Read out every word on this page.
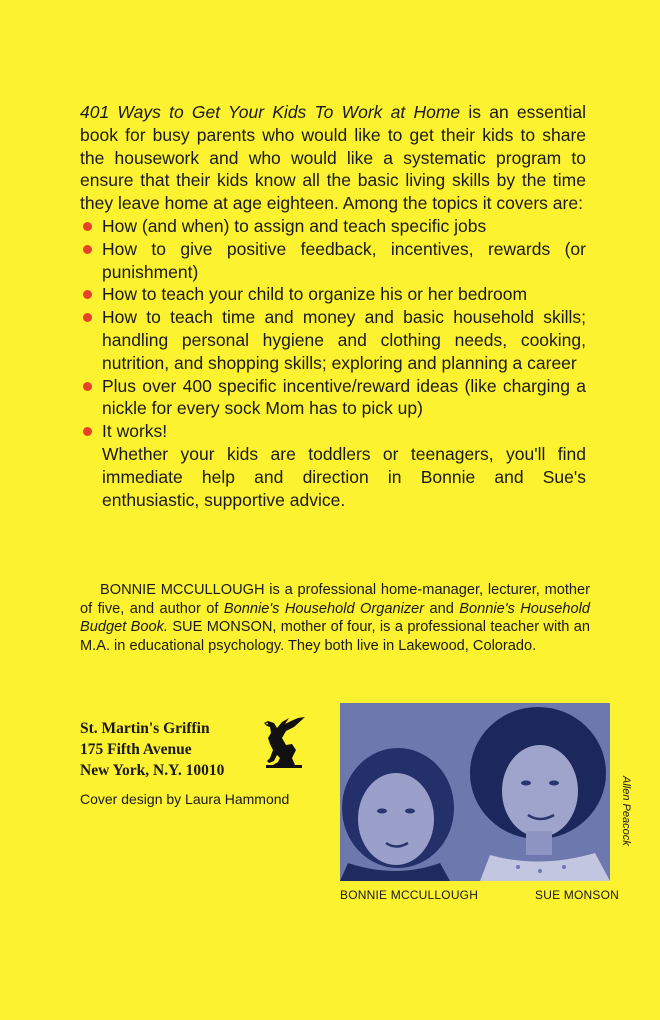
401 Ways to Get Your Kids To Work at Home is an essential book for busy parents who would like to get their kids to share the housework and who would like a systematic program to ensure that their kids know all the basic living skills by the time they leave home at age eighteen. Among the topics it covers are:

How (and when) to assign and teach specific jobs
How to give positive feedback, incentives, rewards (or punishment)
How to teach your child to organize his or her bedroom
How to teach time and money and basic household skills; handling personal hygiene and clothing needs, cooking, nutrition, and shopping skills; exploring and planning a career
Plus over 400 specific incentive/reward ideas (like charging a nickle for every sock Mom has to pick up)
It works!

Whether your kids are toddlers or teenagers, you'll find immediate help and direction in Bonnie and Sue's enthusiastic, supportive advice.

BONNIE MCCULLOUGH is a professional home-manager, lecturer, mother of five, and author of Bonnie's Household Organizer and Bonnie's Household Budget Book. SUE MONSON, mother of four, is a professional teacher with an M.A. in educational psychology. They both live in Lakewood, Colorado.
St. Martin's Griffin
175 Fifth Avenue
New York, N.Y. 10010
Cover design by Laura Hammond	Allen Peacock
BONNIE MCCULLOUGH	SUE MONSON
